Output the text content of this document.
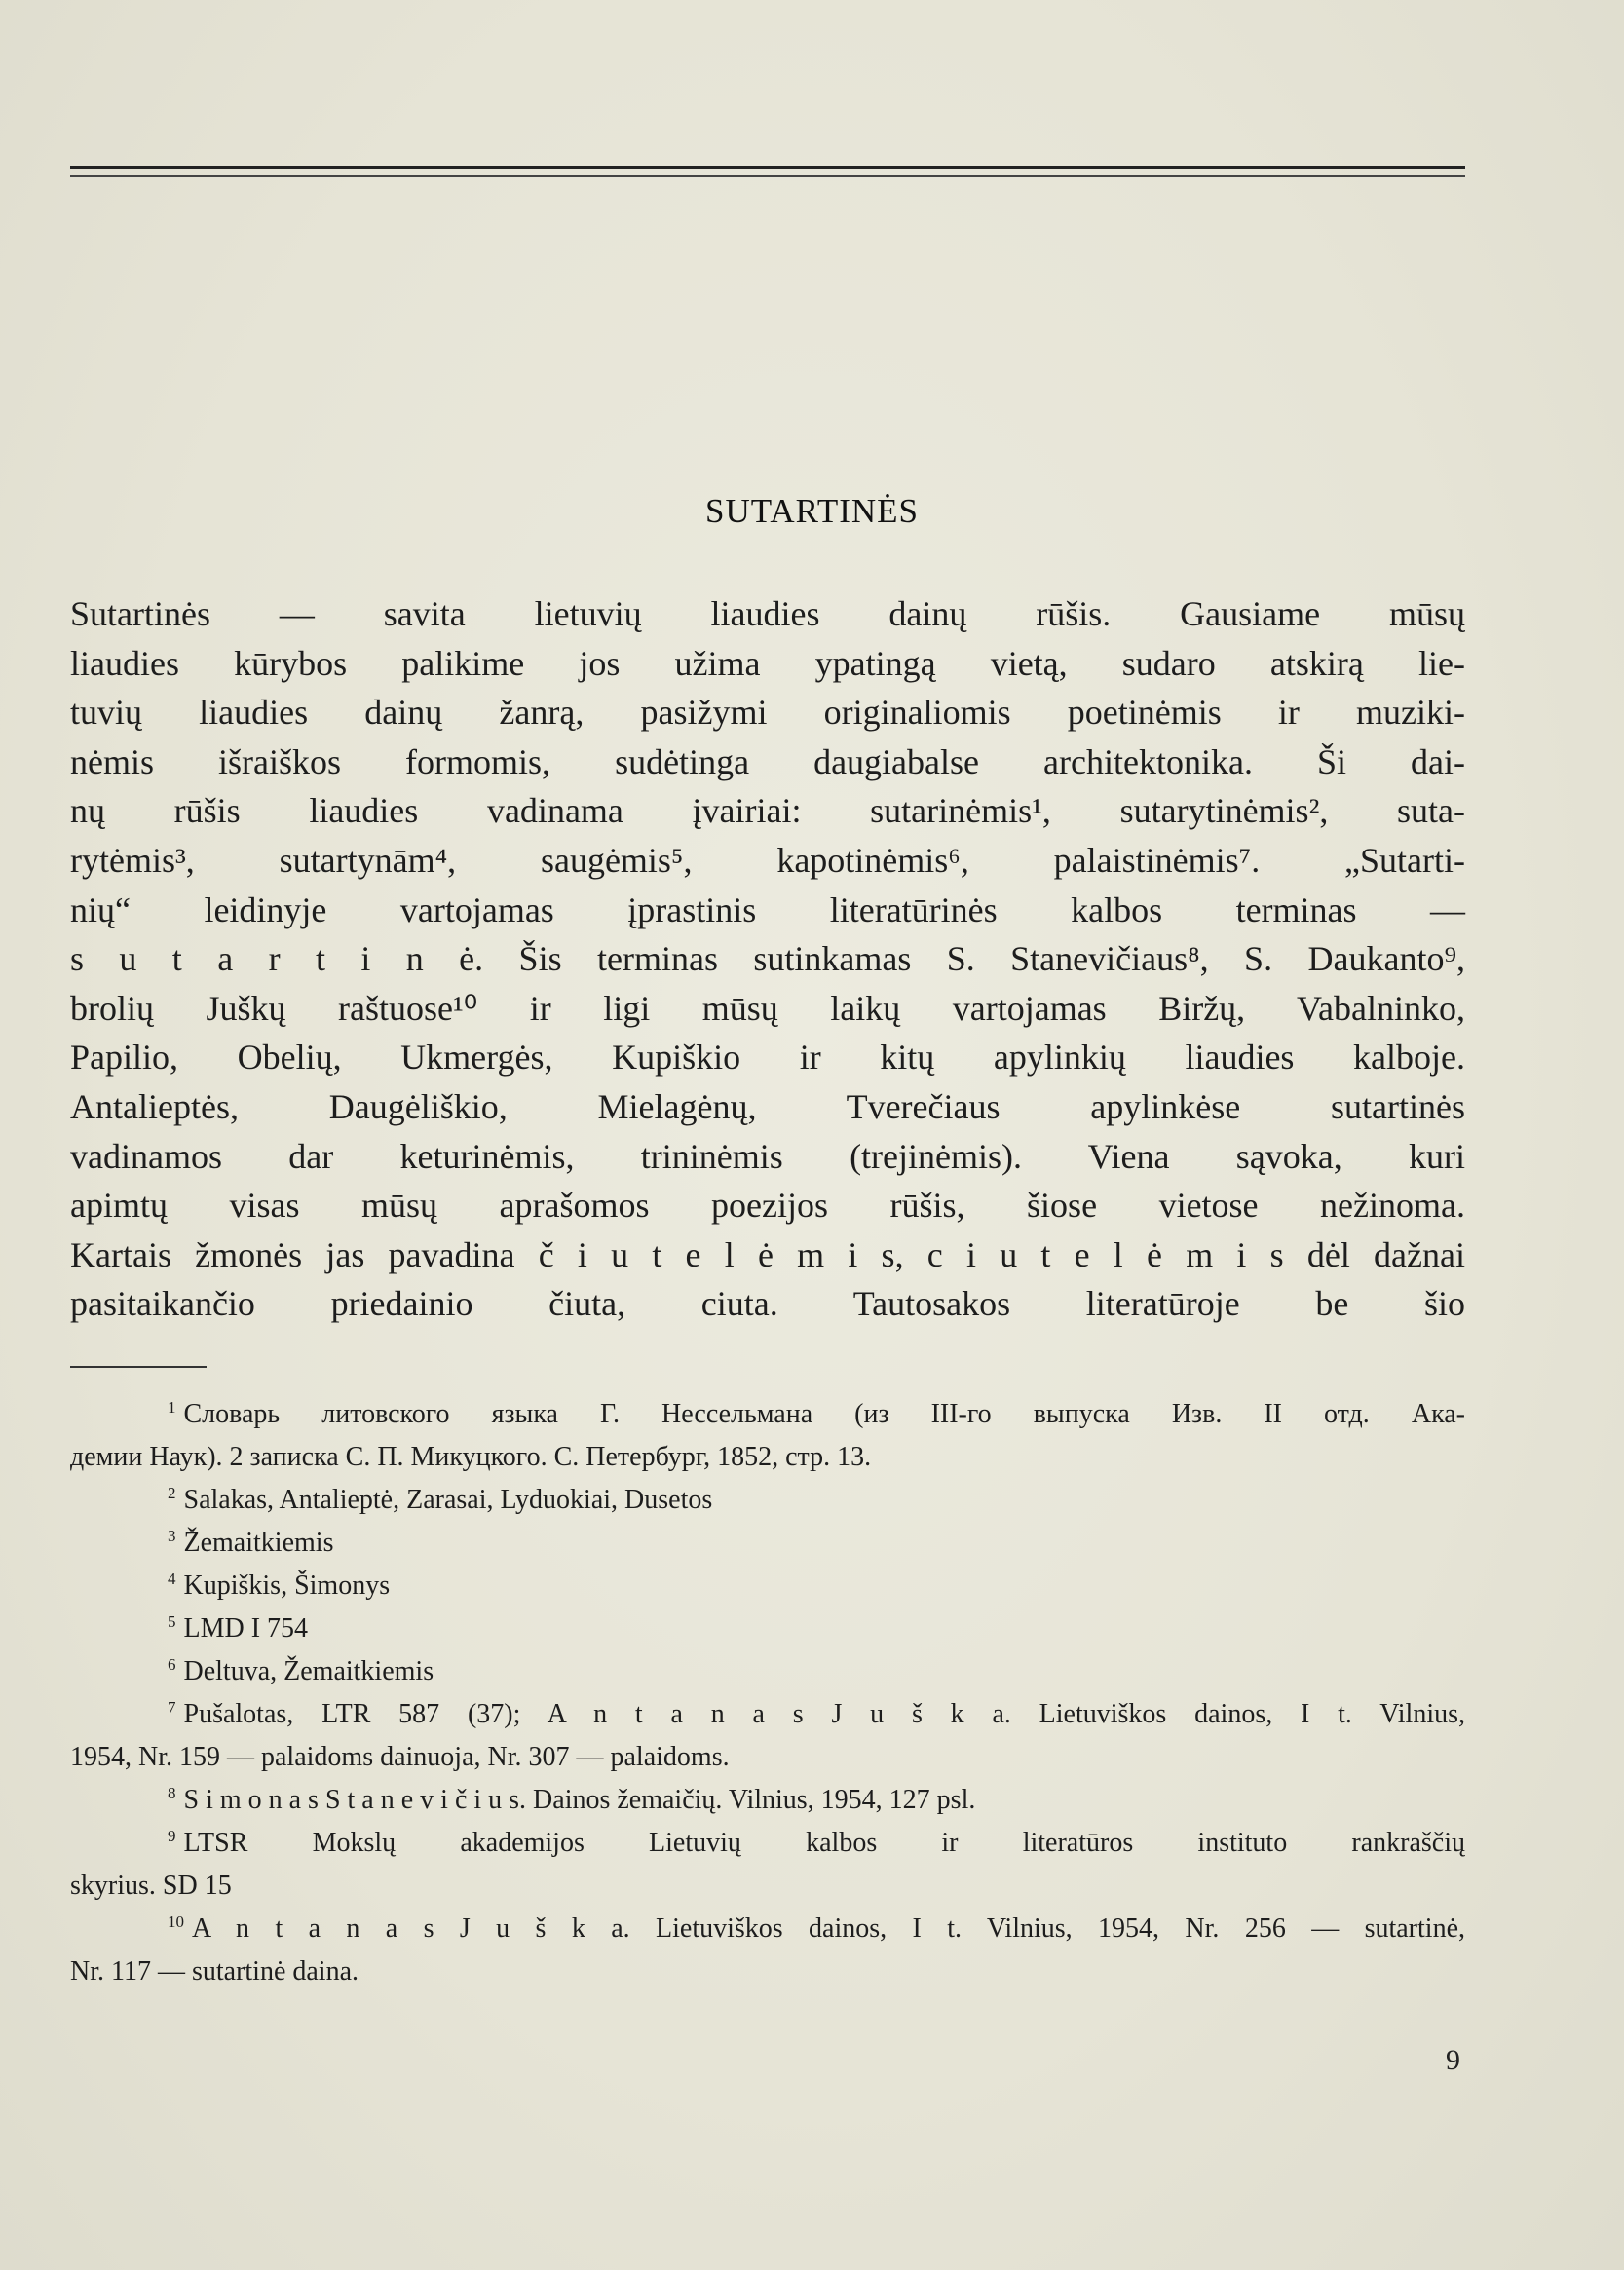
SUTARTINĖS
Sutartinės — savita lietuvių liaudies dainų rūšis. Gausiame mūsų
liaudies kūrybos palikime jos užima ypatingą vietą, sudaro atskirą lie-
tuvių liaudies dainų žanrą, pasižymi originaliomis poetinėmis ir muziki-
nėmis išraiškos formomis, sudėtinga daugiabalse architektonika. Ši dai-
nų rūšis liaudies vadinama įvairiai: sutarinėmis¹, sutarytinėmis², suta-
rytėmis³, sutartynām⁴, saugėmis⁵, kapotinėmis⁶, palaistinėmis⁷. „Sutarti-
nių“ leidinyje vartojamas įprastinis literatūrinės kalbos terminas —
s u t a r t i n ė. Šis terminas sutinkamas S. Stanevičiaus⁸, S. Daukanto⁹,
brolių Juškų raštuose¹⁰ ir ligi mūsų laikų vartojamas Biržų, Vabalninko,
Papilio, Obelių, Ukmergės, Kupiškio ir kitų apylinkių liaudies kalboje.
Antalieptės, Daugėliškio, Mielagėnų, Tverečiaus apylinkėse sutartinės
vadinamos dar keturinėmis, trininėmis (trejinėmis). Viena sąvoka, kuri
apimtų visas mūsų aprašomos poezijos rūšis, šiose vietose nežinoma.
Kartais žmonės jas pavadina č i u t e l ė m i s, c i u t e l ė m i s dėl dažnai
pasitaikančio priedainio čiuta, ciuta. Tautosakos literatūroje be šio
$^1$ Словарь литовского языка Г. Нессельмана (из III-го выпуска Изв. II отд. Ака-
демии Наук). 2 записка С. П. Микуцкого. С. Петербург, 1852, стр. 13.
$^2$ Salakas, Antalieptė, Zarasai, Lyduokiai, Dusetos
$^3$ Žemaitkiemis
$^4$ Kupiškis, Šimonys
$^5$ LMD I 754
$^6$ Deltuva, Žemaitkiemis
$^7$ Pušalotas, LTR 587 (37); A n t a n a s J u š k a. Lietuviškos dainos, I t. Vilnius,
1954, Nr. 159 — palaidoms dainuoja, Nr. 307 — palaidoms.
$^8$ S i m o n a s S t a n e v i č i u s. Dainos žemaičių. Vilnius, 1954, 127 psl.
$^9$ LTSR Mokslų akademijos Lietuvių kalbos ir literatūros instituto rankraščių
skyrius. SD 15
$^{10}$ A n t a n a s J u š k a. Lietuviškos dainos, I t. Vilnius, 1954, Nr. 256 — sutartinė,
Nr. 117 — sutartinė daina.
9
